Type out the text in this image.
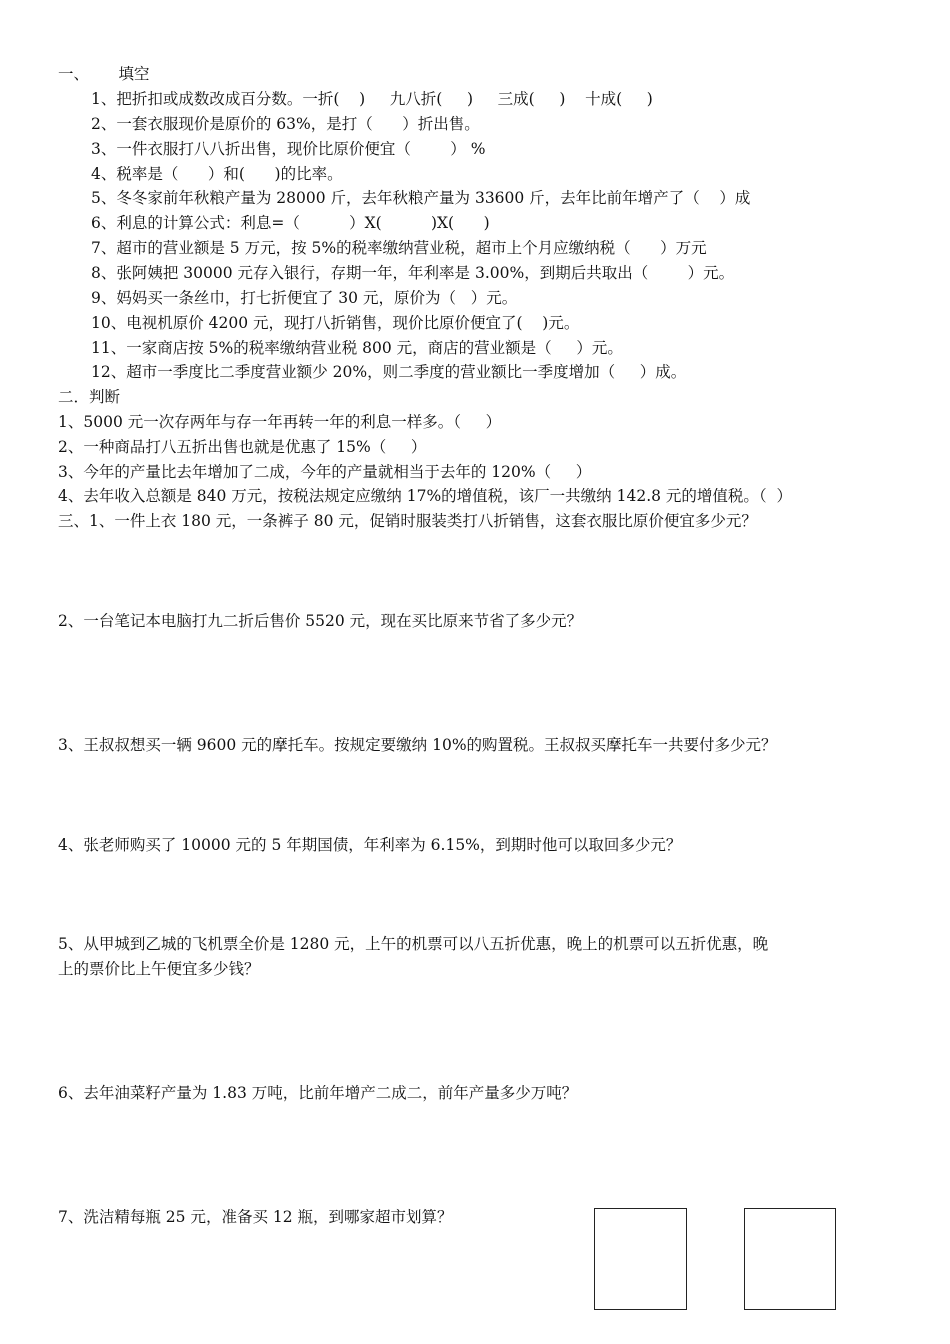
一、      填空
1、把折扣或成数改成百分数。一折(    )     九八折(     )     三成(     )    十成(     )
2、一套衣服现价是原价的 63%，是打（      ）折出售。
3、一件衣服打八八折出售，现价比原价便宜（        ） %
4、税率是（      ）和(      )的比率。
5、冬冬家前年秋粮产量为 28000 斤，去年秋粮产量为 33600 斤，去年比前年增产了（    ）成
6、利息的计算公式：利息=（          ）X(          )X(      )
7、超市的营业额是 5 万元，按 5%的税率缴纳营业税，超市上个月应缴纳税（      ）万元
8、张阿姨把 30000 元存入银行，存期一年，年利率是 3.00%，到期后共取出（        ）元。
9、妈妈买一条丝巾，打七折便宜了 30 元，原价为（   ）元。
10、电视机原价 4200 元，现打八折销售，现价比原价便宜了(    )元。
11、一家商店按 5%的税率缴纳营业税 800 元，商店的营业额是（     ）元。
12、超市一季度比二季度营业额少 20%，则二季度的营业额比一季度增加（     ）成。
二．判断
1、5000 元一次存两年与存一年再转一年的利息一样多。（     ）
2、一种商品打八五折出售也就是优惠了 15%（     ）
3、今年的产量比去年增加了二成，今年的产量就相当于去年的 120%（     ）
4、去年收入总额是 840 万元，按税法规定应缴纳 17%的增值税，该厂一共缴纳 142.8 元的增值税。（  ）
三、1、一件上衣 180 元，一条裤子 80 元，促销时服装类打八折销售，这套衣服比原价便宜多少元？
2、一台笔记本电脑打九二折后售价 5520 元，现在买比原来节省了多少元？
3、王叔叔想买一辆 9600 元的摩托车。按规定要缴纳 10%的购置税。王叔叔买摩托车一共要付多少元？
4、张老师购买了 10000 元的 5 年期国债，年利率为 6.15%，到期时他可以取回多少元？
5、从甲城到乙城的飞机票全价是 1280 元，上午的机票可以八五折优惠，晚上的机票可以五折优惠，晚
上的票价比上午便宜多少钱？
6、去年油菜籽产量为 1.83 万吨，比前年增产二成二，前年产量多少万吨？
7、洗洁精每瓶 25 元，准备买 12 瓶，到哪家超市划算？
